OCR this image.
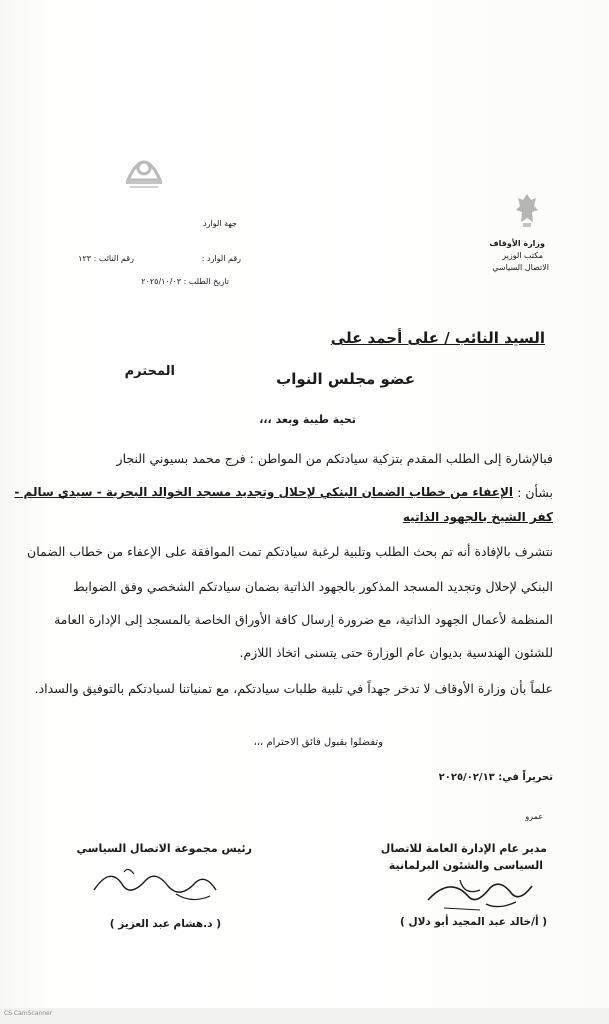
وزارة الأوقاف
مكتب الوزير
الاتصال السياسي
جهة الوارد
رقم الوارد :
رقم النائب : ١٢٣
تاريخ الطلب : ٢٠٢٥/١٠/٠٣
السيد النائب / على أحمد على
عضو مجلس النواب
المحترم
تحية طيبة وبعد ،،،
فبالإشارة إلى الطلب المقدم بتزكية سيادتكم من المواطن : فرج محمد بسيوني النجار
بشأن :
الإعفاء من خطاب الضمان البنكي لإحلال وتجديد مسجد الخوالد البحرية - سيدي سالم -
كفر الشيخ بالجهود الذاتيه
نتشرف بالإفادة أنه تم بحث الطلب وتلبية لرغبة سيادتكم تمت الموافقة على الإعفاء من خطاب الضمان
البنكي لإحلال وتجديد المسجد المذكور بالجهود الذاتية بضمان سيادتكم الشخصي وفق الضوابط
المنظمة لأعمال الجهود الذاتية، مع ضرورة إرسال كافة الأوراق الخاصة بالمسجد إلى الإدارة العامة
للشئون الهندسية بديوان عام الوزارة حتى يتسنى اتخاذ اللازم.
علماً بأن وزارة الأوقاف لا تدخر جهداً في تلبية طلبات سيادتكم، مع تمنياتنا لسيادتكم بالتوفيق والسداد.
وتفضلوا بقبول فائق الاحترام ،،،
تحريراً في: ٢٠٢٥/٠٢/١٣
عمرو
مدير عام الإدارة العامة للاتصال
السياسى والشئون البرلمانية
( أ/خالد عبد المجيد أبو دلال )
رئيس مجموعة الاتصال السياسي
( د.هشام عبد العزيز )
CS CamScanner
